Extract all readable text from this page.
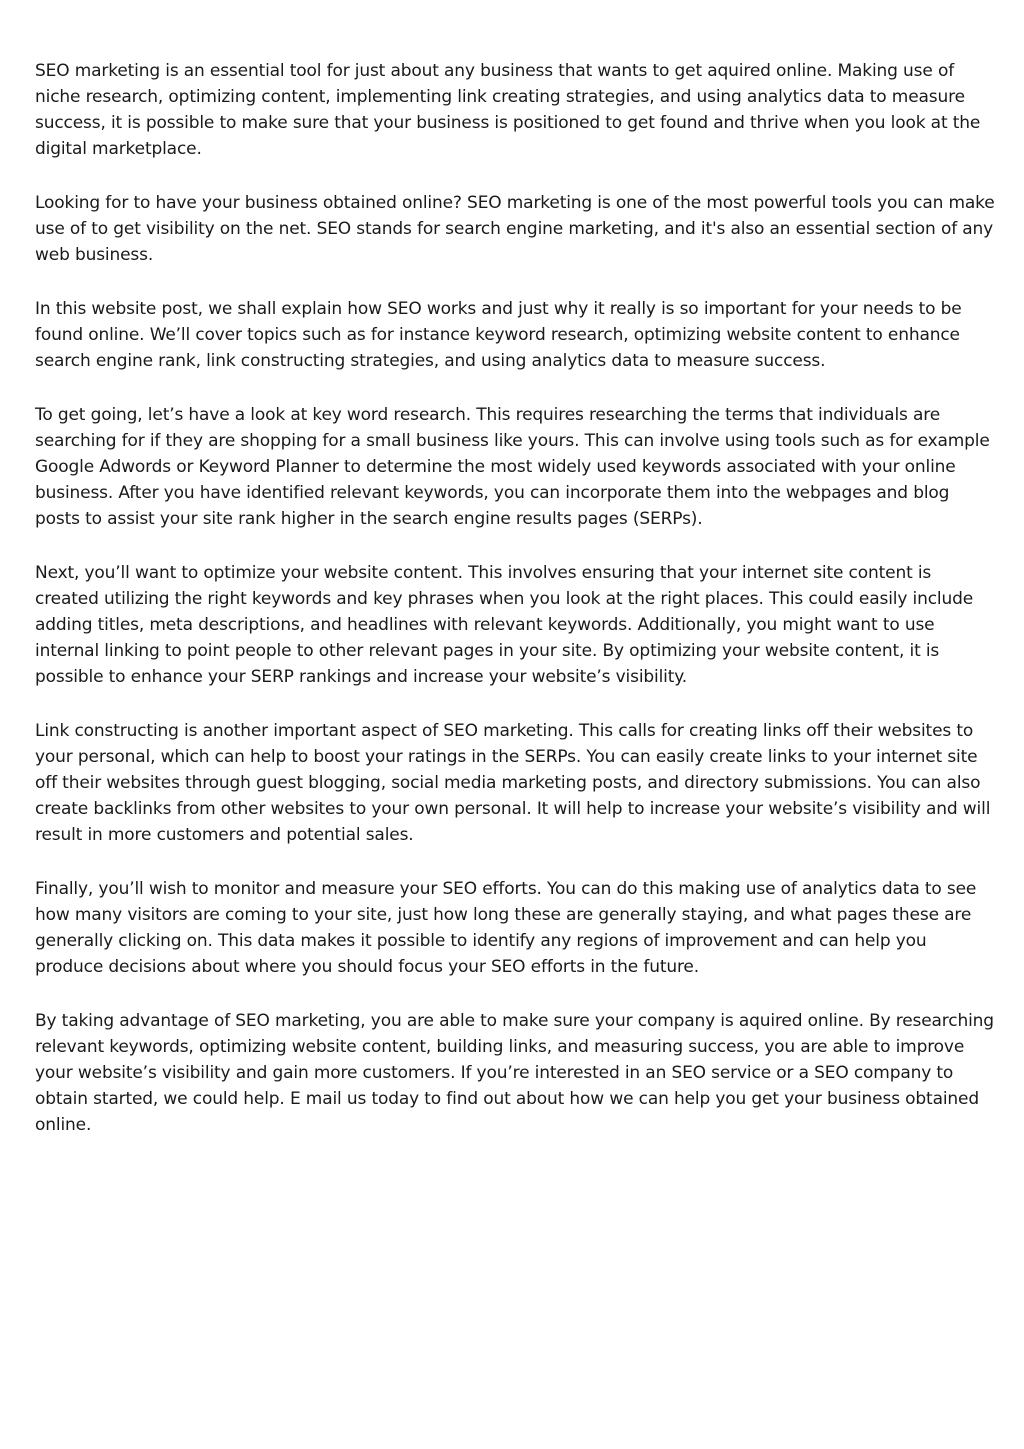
SEO marketing is an essential tool for just about any business that wants to get aquired online. Making use of niche research, optimizing content, implementing link creating strategies, and using analytics data to measure success, it is possible to make sure that your business is positioned to get found and thrive when you look at the digital marketplace.

Looking for to have your business obtained online? SEO marketing is one of the most powerful tools you can make use of to get visibility on the net. SEO stands for search engine marketing, and it's also an essential section of any web business.

In this website post, we shall explain how SEO works and just why it really is so important for your needs to be found online. We’ll cover topics such as for instance keyword research, optimizing website content to enhance search engine rank, link constructing strategies, and using analytics data to measure success.

To get going, let’s have a look at key word research. This requires researching the terms that individuals are searching for if they are shopping for a small business like yours. This can involve using tools such as for example Google Adwords or Keyword Planner to determine the most widely used keywords associated with your online business. After you have identified relevant keywords, you can incorporate them into the webpages and blog posts to assist your site rank higher in the search engine results pages (SERPs).

Next, you’ll want to optimize your website content. This involves ensuring that your internet site content is created utilizing the right keywords and key phrases when you look at the right places. This could easily include adding titles, meta descriptions, and headlines with relevant keywords. Additionally, you might want to use internal linking to point people to other relevant pages in your site. By optimizing your website content, it is possible to enhance your SERP rankings and increase your website’s visibility.

Link constructing is another important aspect of SEO marketing. This calls for creating links off their websites to your personal, which can help to boost your ratings in the SERPs. You can easily create links to your internet site off their websites through guest blogging, social media marketing posts, and directory submissions. You can also create backlinks from other websites to your own personal. It will help to increase your website’s visibility and will result in more customers and potential sales.

Finally, you’ll wish to monitor and measure your SEO efforts. You can do this making use of analytics data to see how many visitors are coming to your site, just how long these are generally staying, and what pages these are generally clicking on. This data makes it possible to identify any regions of improvement and can help you produce decisions about where you should focus your SEO efforts in the future.

By taking advantage of SEO marketing, you are able to make sure your company is aquired online. By researching relevant keywords, optimizing website content, building links, and measuring success, you are able to improve your website’s visibility and gain more customers. If you’re interested in an SEO service or a SEO company to obtain started, we could help. E mail us today to find out about how we can help you get your business obtained online.
